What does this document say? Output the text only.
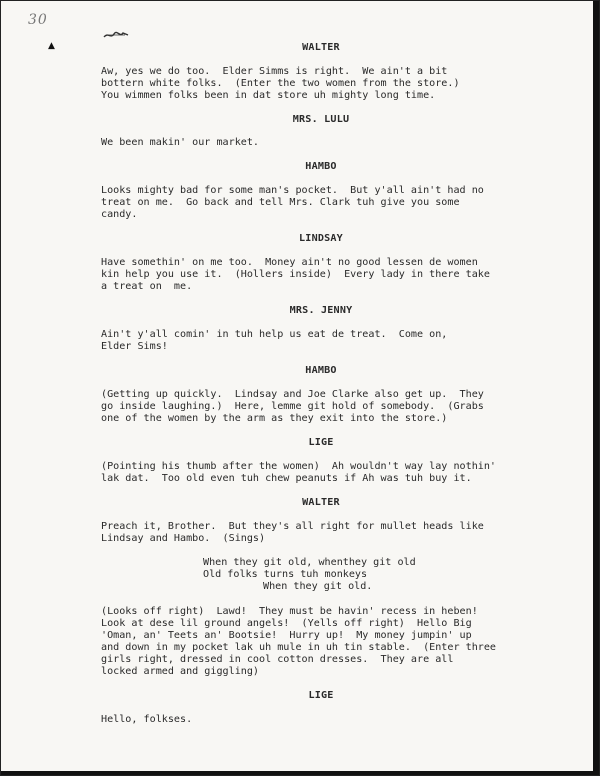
30
▲	WALTER

Aw, yes we do too.  Elder Simms is right.  We ain't a bit

bottern white folks.  (Enter the two women from the store.)

You wimmen folks been in dat store uh mighty long time.

MRS. LULU

We been makin' our market.

HAMBO

Looks mighty bad for some man's pocket.  But y'all ain't had no

treat on me.  Go back and tell Mrs. Clark tuh give you some

candy.

LINDSAY

Have somethin' on me too.  Money ain't no good lessen de women

kin help you use it.  (Hollers inside)  Every lady in there take

a treat on  me.

MRS. JENNY

Ain't y'all comin' in tuh help us eat de treat.  Come on,

Elder Sims!

HAMBO

(Getting up quickly.  Lindsay and Joe Clarke also get up.  They

go inside laughing.)  Here, lemme git hold of somebody.  (Grabs

one of the women by the arm as they exit into the store.)

LIGE

(Pointing his thumb after the women)  Ah wouldn't way lay nothin'

lak dat.  Too old even tuh chew peanuts if Ah was tuh buy it.

WALTER

Preach it, Brother.  But they's all right for mullet heads like

Lindsay and Hambo.  (Sings)

When they git old, whenthey git old

Old folks turns tuh monkeys

When they git old.

(Looks off right)  Lawd!  They must be havin' recess in heben!

Look at dese lil ground angels!  (Yells off right)  Hello Big

'Oman, an' Teets an' Bootsie!  Hurry up!  My money jumpin' up

and down in my pocket lak uh mule in uh tin stable.  (Enter three

girls right, dressed in cool cotton dresses.  They are all

locked armed and giggling)

LIGE

Hello, folkses.
